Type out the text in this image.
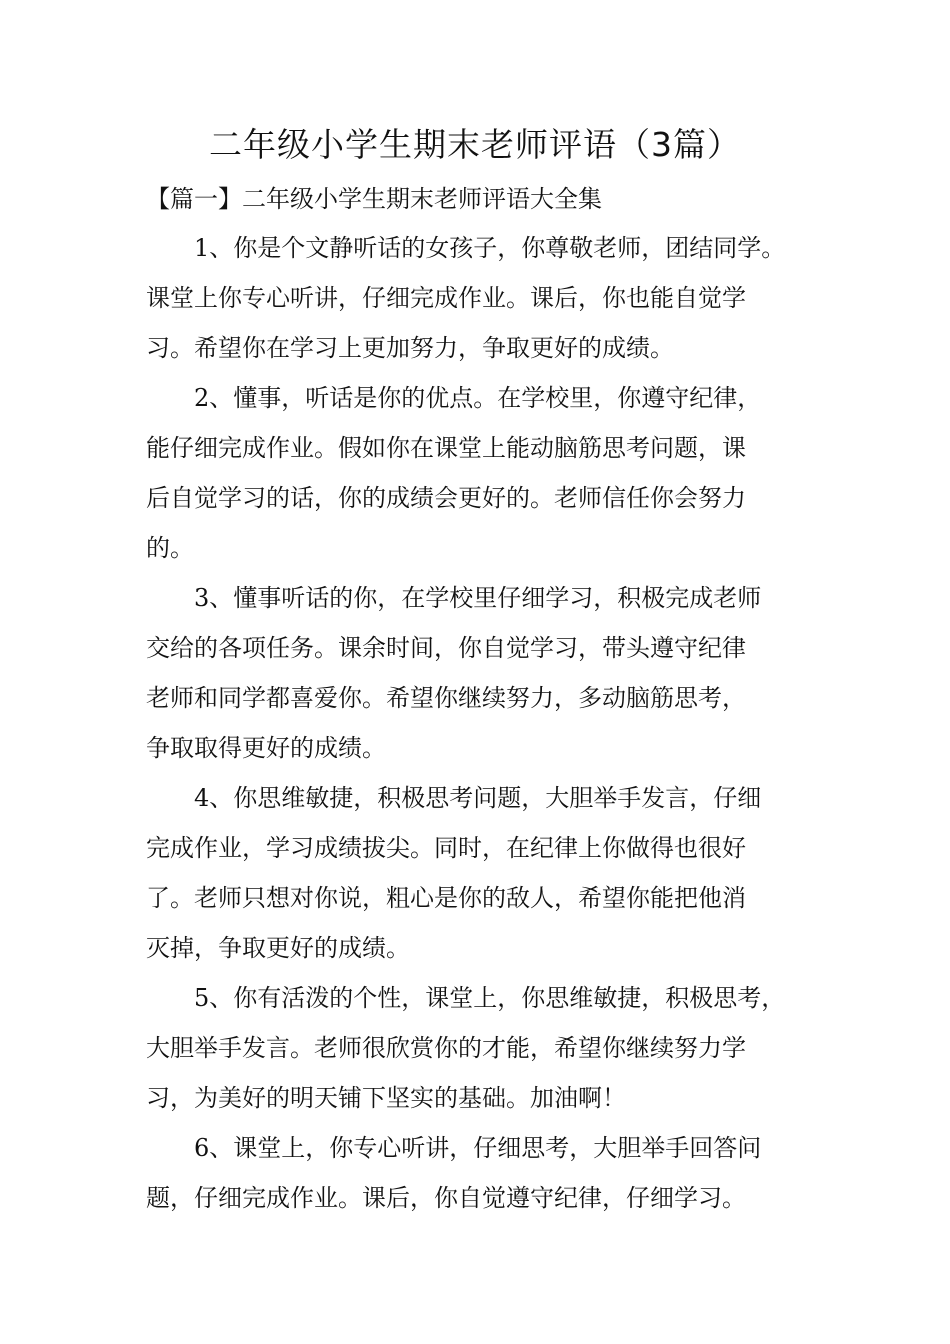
二年级小学生期末老师评语（3篇）

【篇一】二年级小学生期末老师评语大全集

1、你是个文静听话的女孩子，你尊敬老师，团结同学。

课堂上你专心听讲，仔细完成作业。课后，你也能自觉学

习。希望你在学习上更加努力，争取更好的成绩。

2、懂事，听话是你的优点。在学校里，你遵守纪律，

能仔细完成作业。假如你在课堂上能动脑筋思考问题，课

后自觉学习的话，你的成绩会更好的。老师信任你会努力

的。

3、懂事听话的你，在学校里仔细学习，积极完成老师

交给的各项任务。课余时间，你自觉学习，带头遵守纪律

老师和同学都喜爱你。希望你继续努力，多动脑筋思考，

争取取得更好的成绩。

4、你思维敏捷，积极思考问题，大胆举手发言，仔细

完成作业，学习成绩拔尖。同时，在纪律上你做得也很好

了。老师只想对你说，粗心是你的敌人，希望你能把他消

灭掉，争取更好的成绩。

5、你有活泼的个性，课堂上，你思维敏捷，积极思考，

大胆举手发言。老师很欣赏你的才能，希望你继续努力学

习，为美好的明天铺下坚实的基础。加油啊！

6、课堂上，你专心听讲，仔细思考，大胆举手回答问

题，仔细完成作业。课后，你自觉遵守纪律，仔细学习。
